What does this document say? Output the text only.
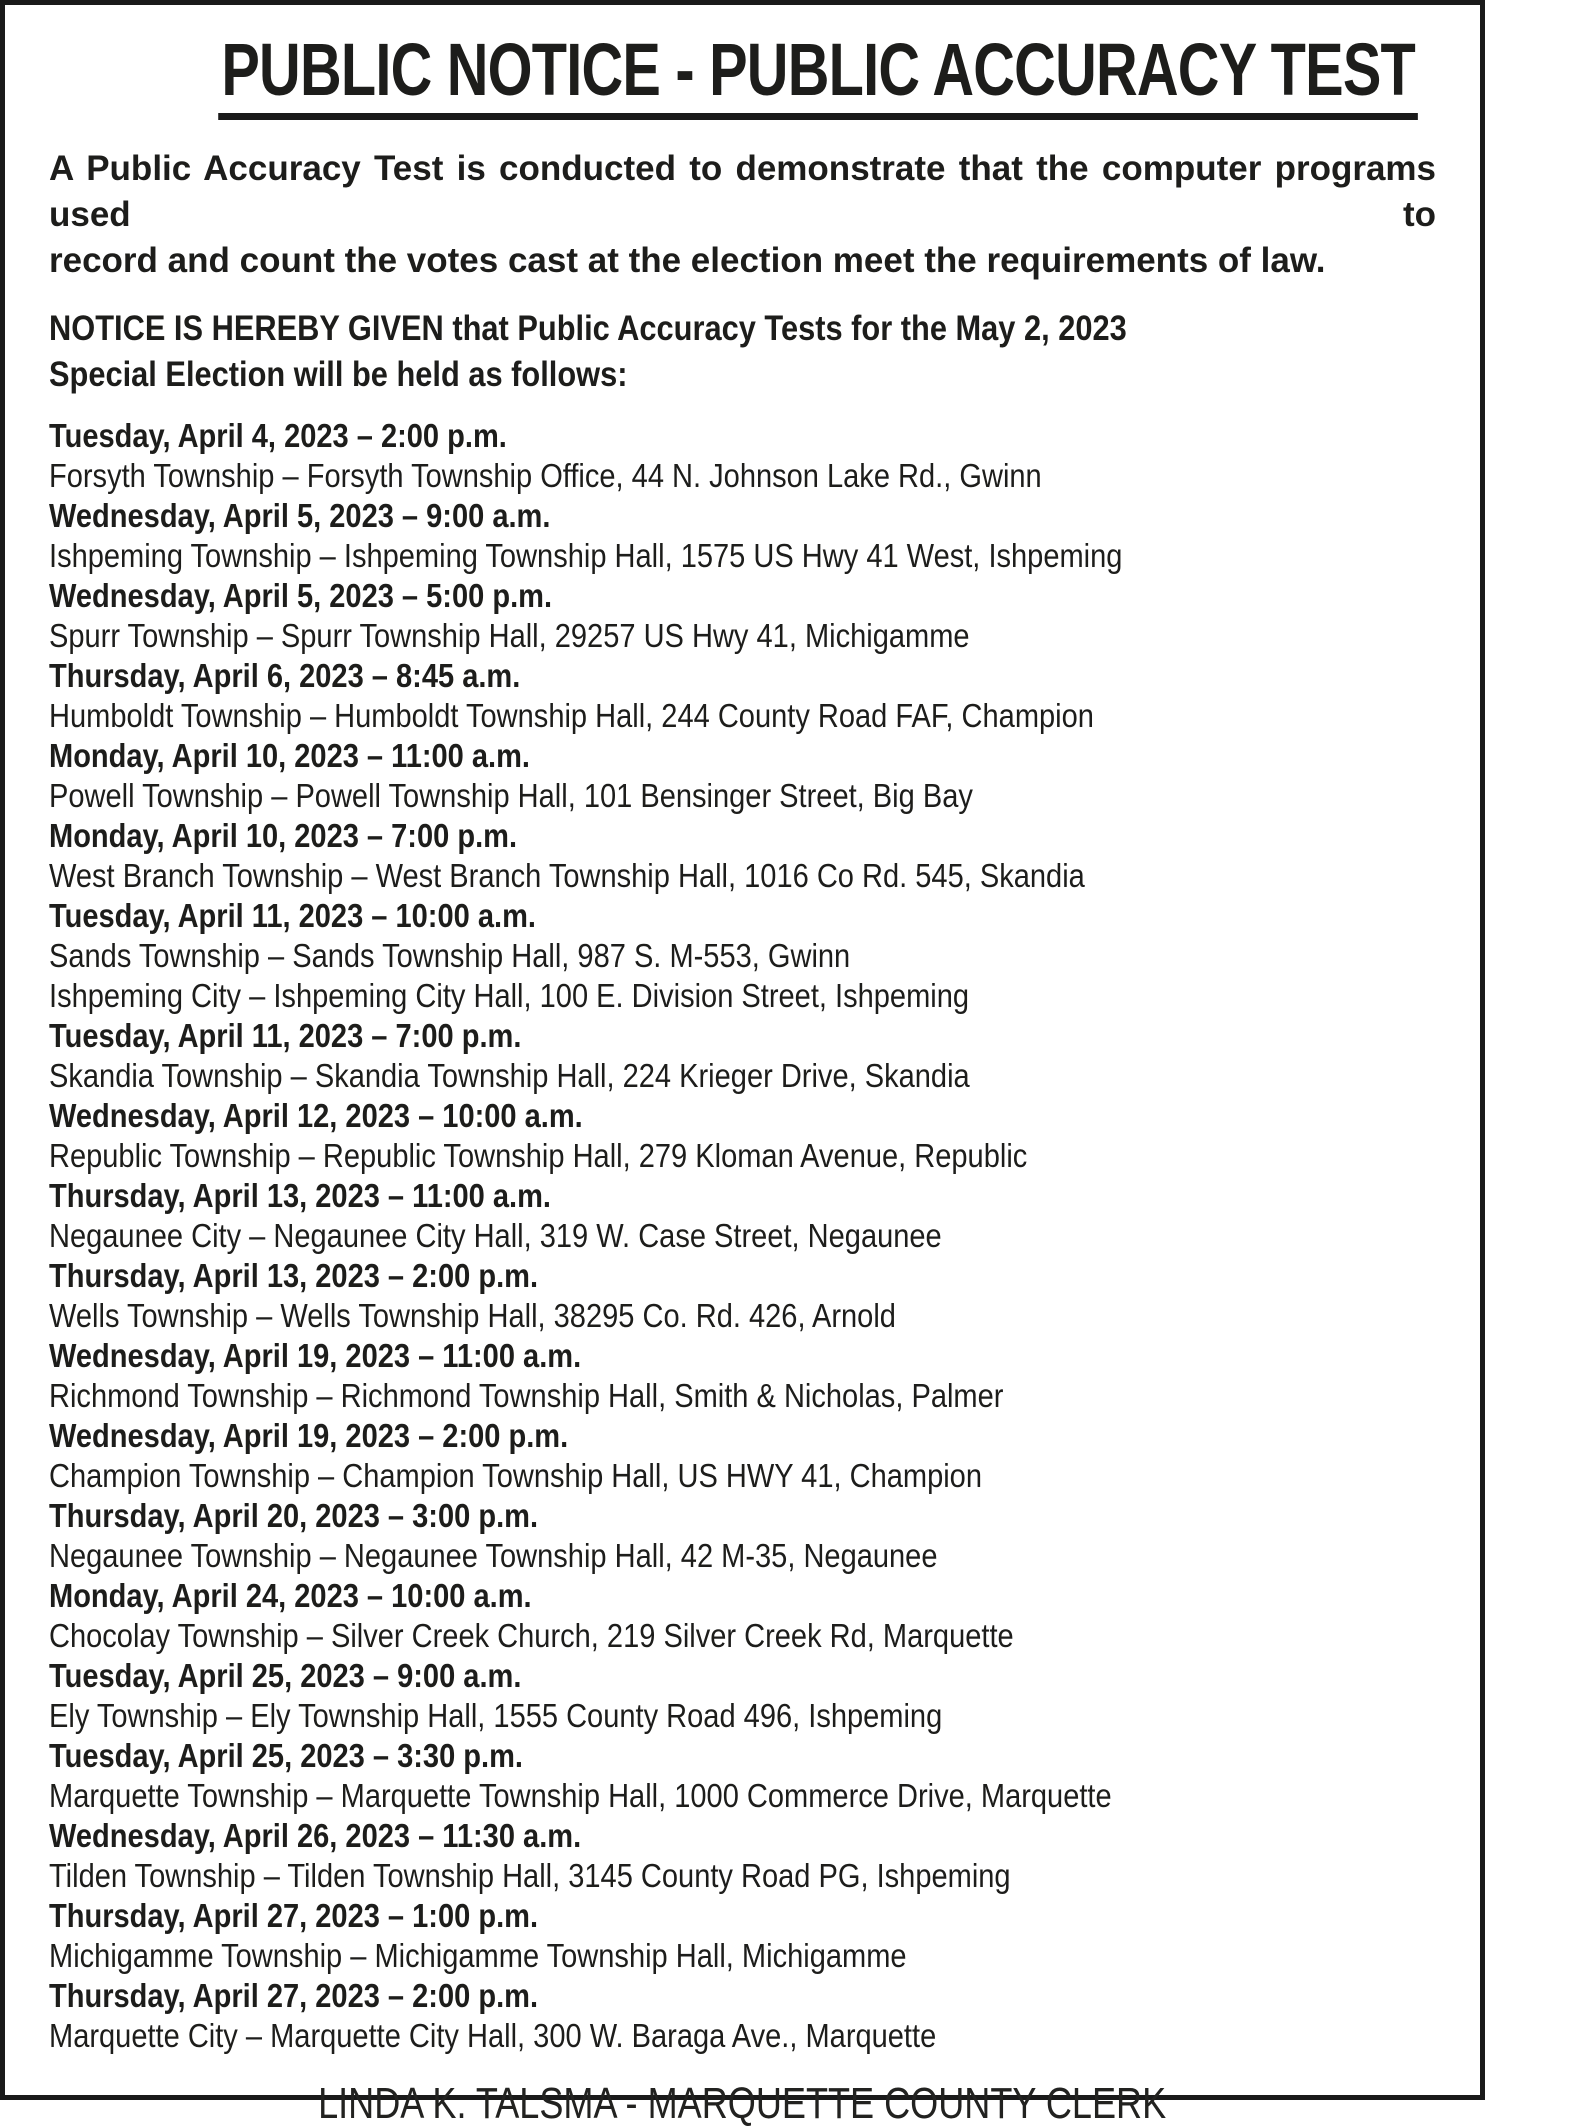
PUBLIC NOTICE - PUBLIC ACCURACY TEST

A Public Accuracy Test is conducted to demonstrate that the computer programs used to
record and count the votes cast at the election meet the requirements of law.

NOTICE IS HEREBY GIVEN that Public Accuracy Tests for the May 2, 2023
Special Election will be held as follows:

Tuesday, April 4, 2023 – 2:00 p.m.
Forsyth Township – Forsyth Township Office, 44 N. Johnson Lake Rd., Gwinn
Wednesday, April 5, 2023 – 9:00 a.m.
Ishpeming Township – Ishpeming Township Hall, 1575 US Hwy 41 West, Ishpeming
Wednesday, April 5, 2023 – 5:00 p.m.
Spurr Township – Spurr Township Hall, 29257 US Hwy 41, Michigamme
Thursday, April 6, 2023 – 8:45 a.m.
Humboldt Township – Humboldt Township Hall, 244 County Road FAF, Champion
Monday, April 10, 2023 – 11:00 a.m.
Powell Township – Powell Township Hall, 101 Bensinger Street, Big Bay
Monday, April 10, 2023 – 7:00 p.m.
West Branch Township – West Branch Township Hall, 1016 Co Rd. 545, Skandia
Tuesday, April 11, 2023 – 10:00 a.m.
Sands Township – Sands Township Hall, 987 S. M-553, Gwinn
Ishpeming City – Ishpeming City Hall, 100 E. Division Street, Ishpeming
Tuesday, April 11, 2023 – 7:00 p.m.
Skandia Township – Skandia Township Hall, 224 Krieger Drive, Skandia
Wednesday, April 12, 2023 – 10:00 a.m.
Republic Township – Republic Township Hall, 279 Kloman Avenue, Republic
Thursday, April 13, 2023 – 11:00 a.m.
Negaunee City – Negaunee City Hall, 319 W. Case Street, Negaunee
Thursday, April 13, 2023 – 2:00 p.m.
Wells Township – Wells Township Hall, 38295 Co. Rd. 426, Arnold
Wednesday, April 19, 2023 – 11:00 a.m.
Richmond Township – Richmond Township Hall, Smith & Nicholas, Palmer
Wednesday, April 19, 2023 – 2:00 p.m.
Champion Township – Champion Township Hall, US HWY 41, Champion
Thursday, April 20, 2023 – 3:00 p.m.
Negaunee Township – Negaunee Township Hall, 42 M-35, Negaunee
Monday, April 24, 2023 – 10:00 a.m.
Chocolay Township – Silver Creek Church, 219 Silver Creek Rd, Marquette
Tuesday, April 25, 2023 – 9:00 a.m.
Ely Township – Ely Township Hall, 1555 County Road 496, Ishpeming
Tuesday, April 25, 2023 – 3:30 p.m.
Marquette Township – Marquette Township Hall, 1000 Commerce Drive, Marquette
Wednesday, April 26, 2023 – 11:30 a.m.
Tilden Township – Tilden Township Hall, 3145 County Road PG, Ishpeming
Thursday, April 27, 2023 – 1:00 p.m.
Michigamme Township – Michigamme Township Hall, Michigamme
Thursday, April 27, 2023 – 2:00 p.m.
Marquette City – Marquette City Hall, 300 W. Baraga Ave., Marquette
LINDA K. TALSMA - MARQUETTE COUNTY CLERK
